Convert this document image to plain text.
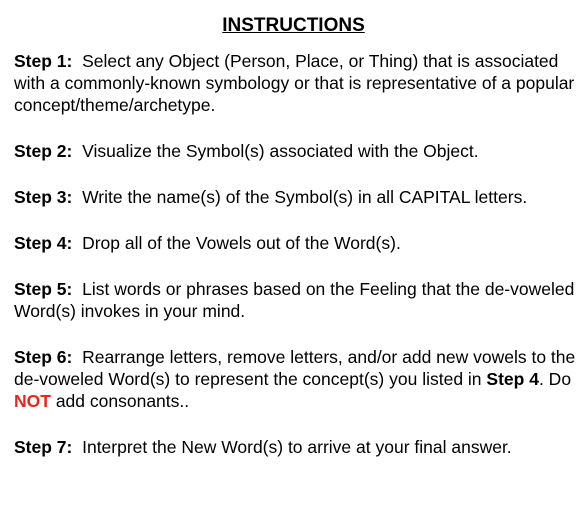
INSTRUCTIONS

Step 1: Select any Object (Person, Place, or Thing) that is associated with a commonly-known symbology or that is representative of a popular concept/theme/archetype.

Step 2: Visualize the Symbol(s) associated with the Object.

Step 3: Write the name(s) of the Symbol(s) in all CAPITAL letters.

Step 4: Drop all of the Vowels out of the Word(s).

Step 5: List words or phrases based on the Feeling that the de-voweled Word(s) invokes in your mind.

Step 6: Rearrange letters, remove letters, and/or add new vowels to the de-voweled Word(s) to represent the concept(s) you listed in Step 4. Do NOT add consonants..

Step 7: Interpret the New Word(s) to arrive at your final answer.
